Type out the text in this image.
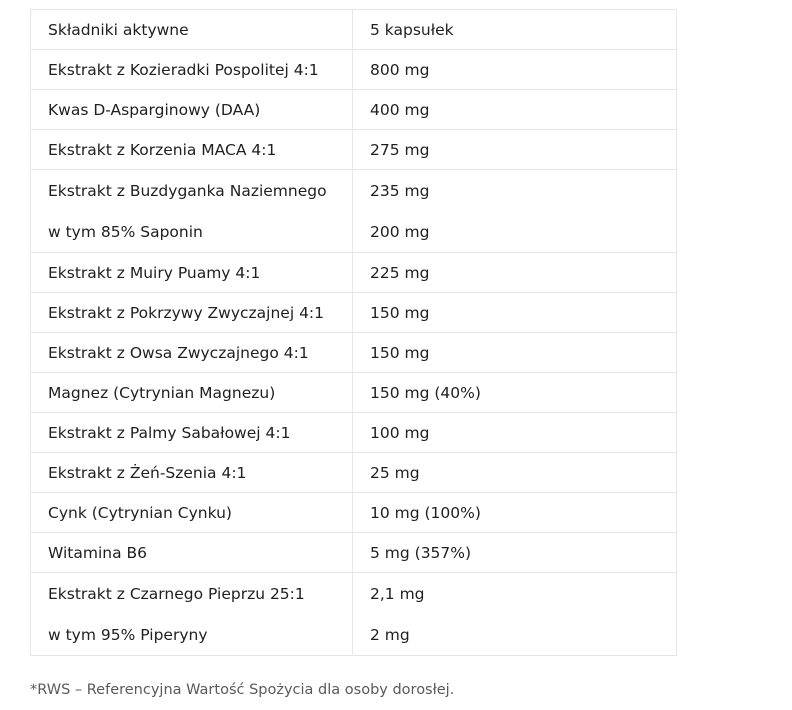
Składniki aktywne	5 kapsułek
Ekstrakt z Kozieradki Pospolitej 4:1	800 mg
Kwas D-Asparginowy (DAA)	400 mg
Ekstrakt z Korzenia MACA 4:1	275 mg
Ekstrakt z Buzdyganka Naziemnego	235 mg
w tym 85% Saponin	200 mg
Ekstrakt z Muiry Puamy 4:1	225 mg
Ekstrakt z Pokrzywy Zwyczajnej 4:1	150 mg
Ekstrakt z Owsa Zwyczajnego 4:1	150 mg
Magnez (Cytrynian Magnezu)	150 mg (40%)
Ekstrakt z Palmy Sabałowej 4:1	100 mg
Ekstrakt z Żeń-Szenia 4:1	25 mg
Cynk (Cytrynian Cynku)	10 mg (100%)
Witamina B6	5 mg (357%)
Ekstrakt z Czarnego Pieprzu 25:1	2,1 mg
w tym 95% Piperyny	2 mg
*RWS – Referencyjna Wartość Spożycia dla osoby dorosłej.
